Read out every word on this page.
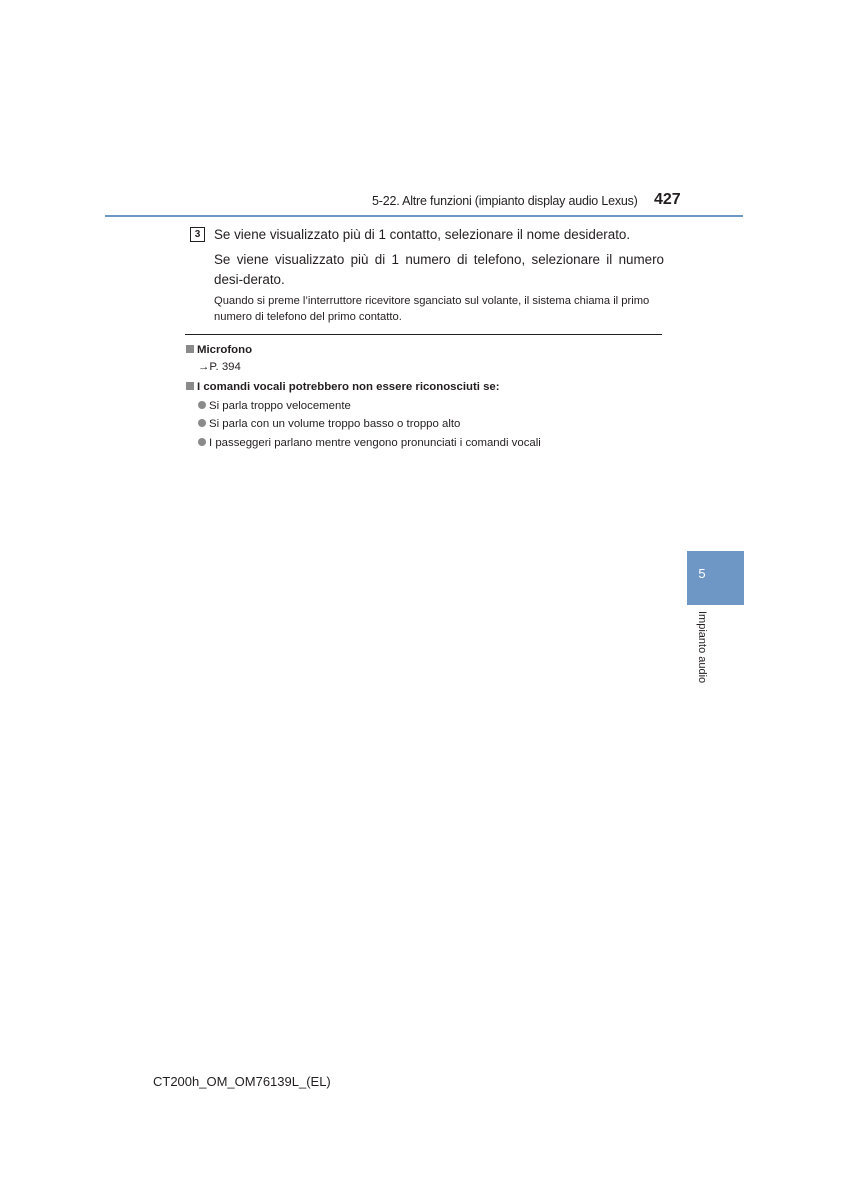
5-22. Altre funzioni (impianto display audio Lexus) 427
3	Se viene visualizzato più di 1 contatto, selezionare il nome desiderato.
Se viene visualizzato più di 1 numero di telefono, selezionare il numero desi-derato.
Quando si preme l’interruttore ricevitore sganciato sul volante, il sistema chiama il primo numero di telefono del primo contatto.
Microfono
→P. 394
I comandi vocali potrebbero non essere riconosciuti se:
Si parla troppo velocemente
Si parla con un volume troppo basso o troppo alto
I passeggeri parlano mentre vengono pronunciati i comandi vocali
5
Impianto audio
CT200h_OM_OM76139L_(EL)
